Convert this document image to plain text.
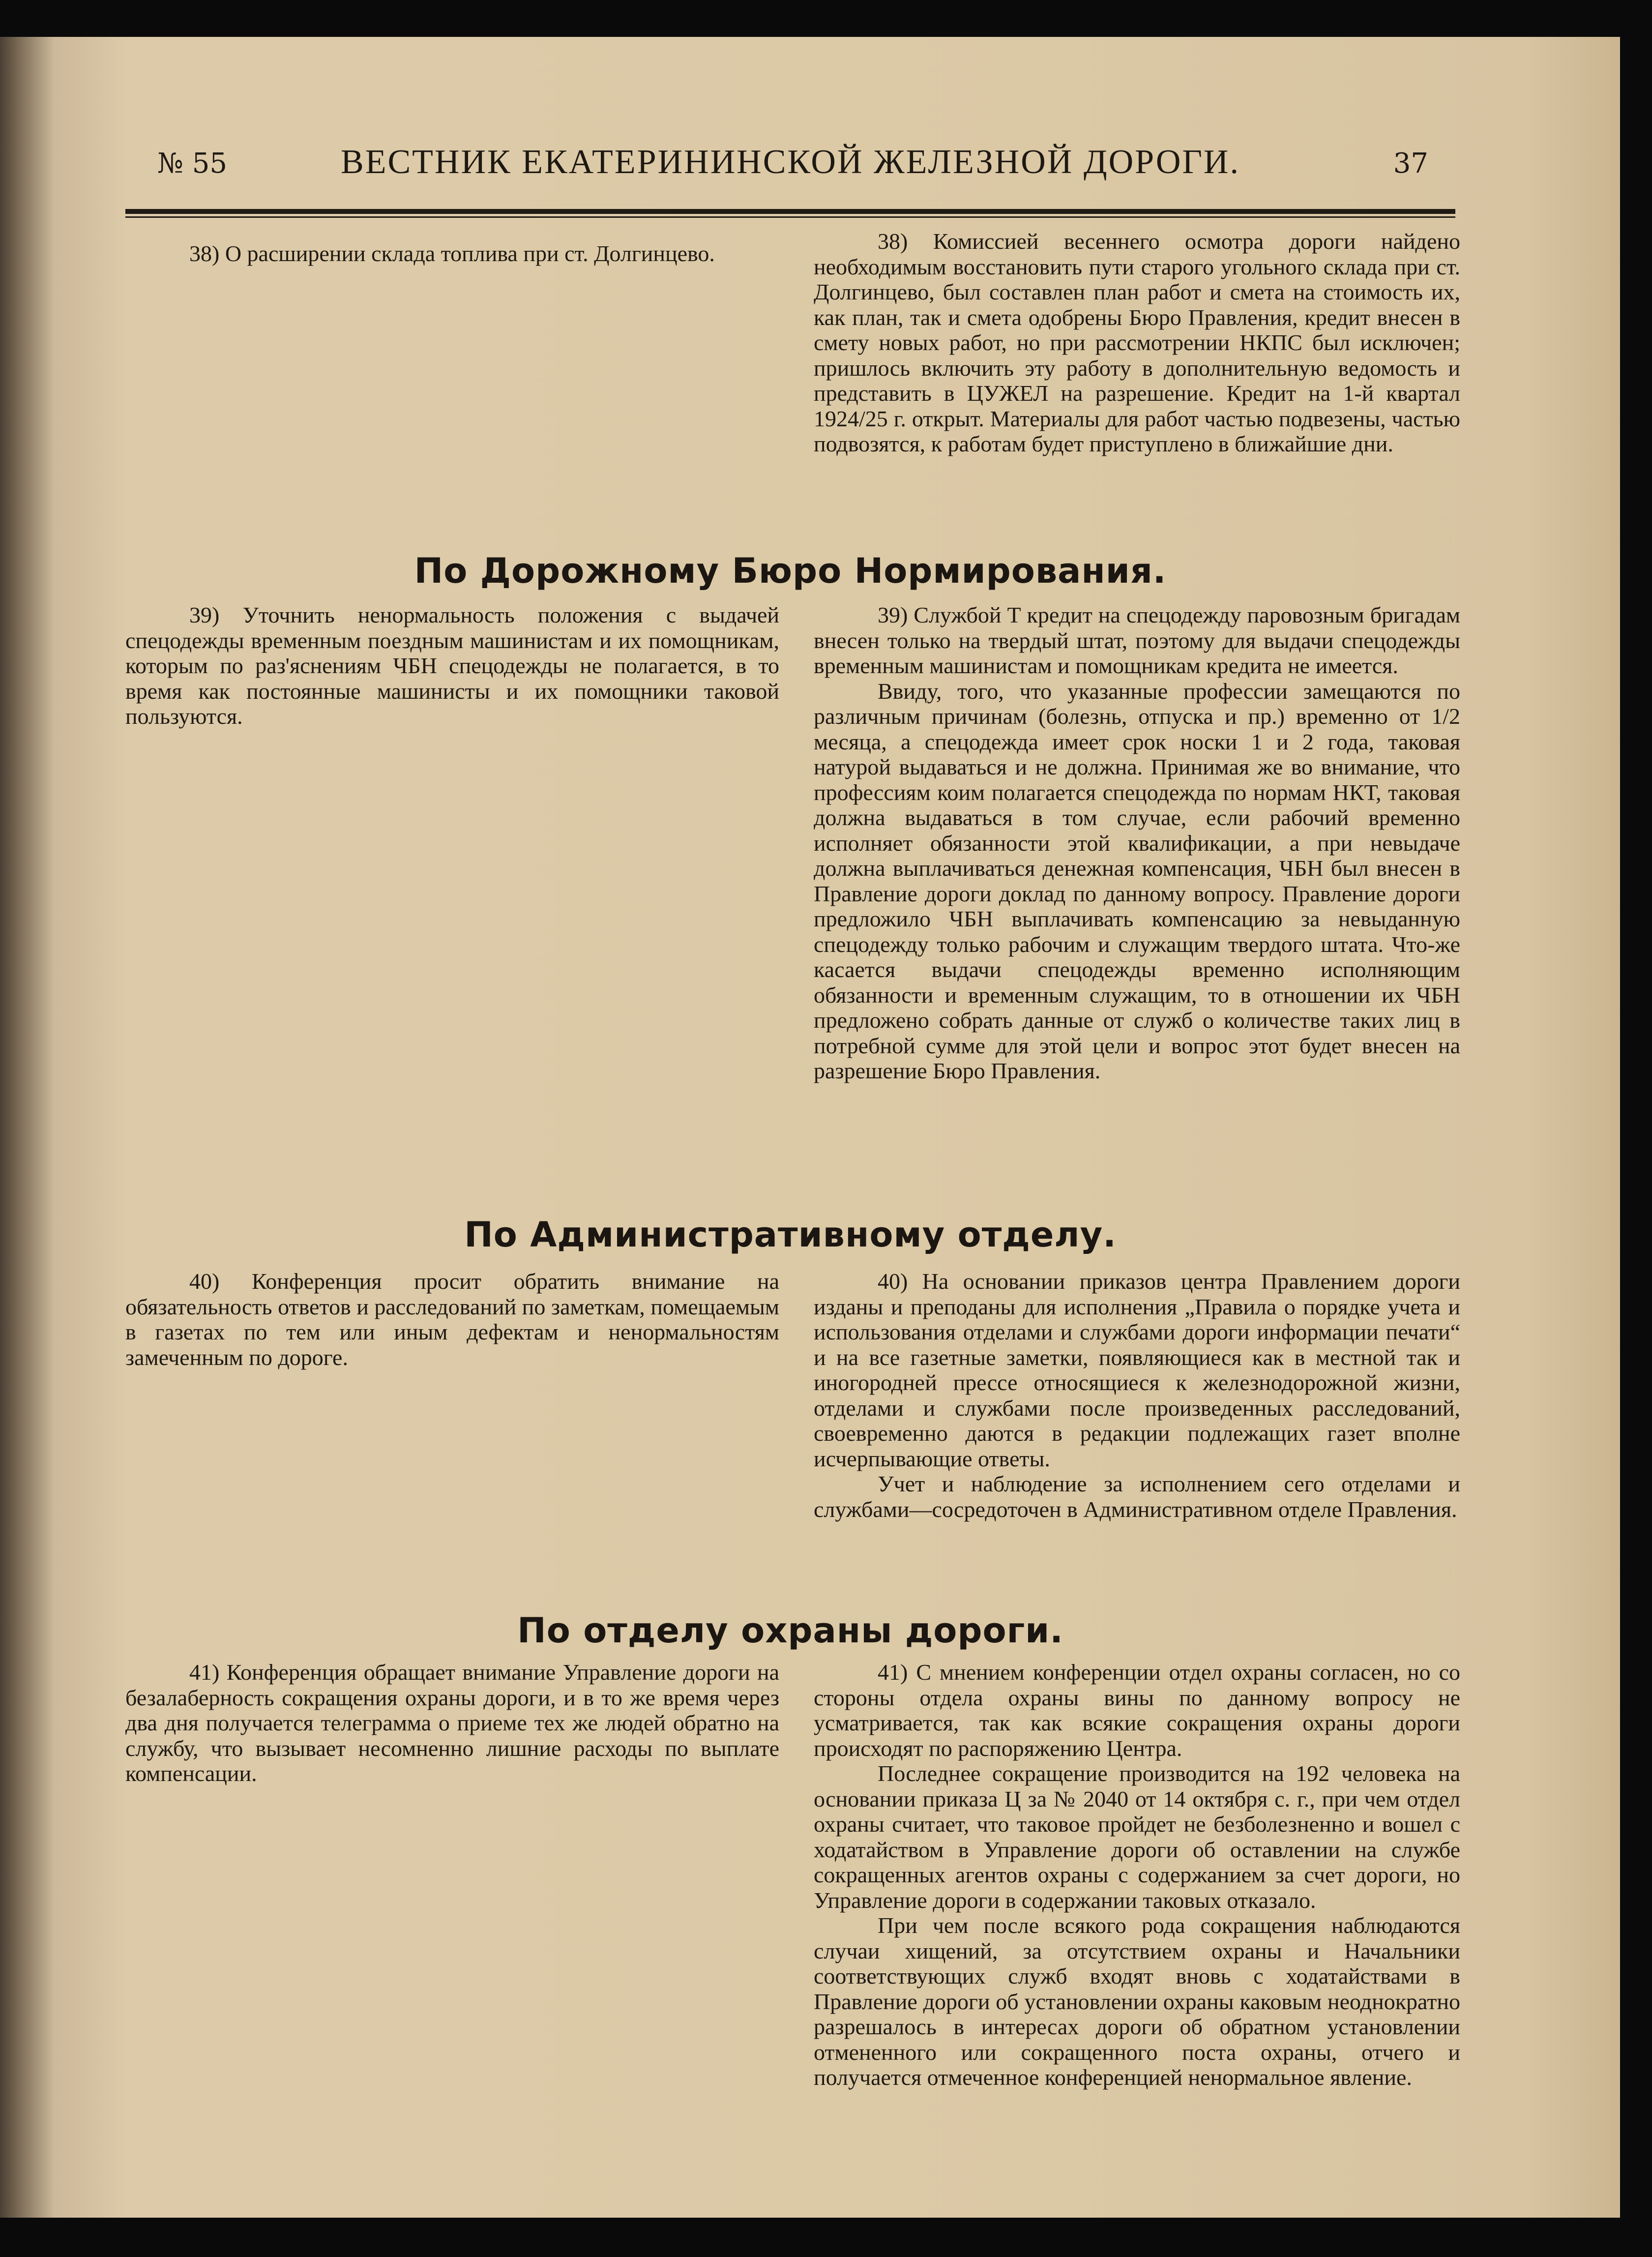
№ 55	ВЕСТНИК ЕКАТЕРИНИНСКОЙ ЖЕЛЕЗНОЙ ДОРОГИ.	37

38) О расширении склада топлива при ст. Долгинцево.	38) Комиссией весеннего осмотра дороги найдено необходимым восстановить пути старого угольного склада при ст. Долгинцево, был составлен план работ и смета на стоимость их, как план, так и смета одобрены Бюро Правления, кредит внесен в смету новых работ, но при рассмотрении НКПС был исключен; пришлось включить эту работу в дополнительную ведомость и представить в ЦУЖЕЛ на разрешение. Кредит на 1-й квартал 1924/25 г. открыт. Материалы для работ частью подвезены, частью подвозятся, к работам будет приступлено в ближайшие дни.

По Дорожному Бюро Нормирования.

39) Уточнить ненормальность положения с выдачей спецодежды временным поездным машинистам и их помощникам, которым по раз'яснениям ЧБН спецодежды не полагается, в то время как постоянные машинисты и их помощники таковой пользуются.

39) Службой Т кредит на спецодежду паровозным бригадам внесен только на твердый штат, поэтому для выдачи спецодежды временным машинистам и помощникам кредита не имеется.

Ввиду, того, что указанные профессии замещаются по различным причинам (болезнь, отпуска и пр.) временно от 1/2 месяца, а спецодежда имеет срок носки 1 и 2 года, таковая натурой выдаваться и не должна. Принимая же во внимание, что профессиям коим полагается спецодежда по нормам НКТ, таковая должна выдаваться в том случае, если рабочий временно исполняет обязанности этой квалификации, а при невыдаче должна выплачиваться денежная компенсация, ЧБН был внесен в Правление дороги доклад по данному вопросу. Правление дороги предложило ЧБН выплачивать компенсацию за невыданную спецодежду только рабочим и служащим твердого штата. Что-же касается выдачи спецодежды временно исполняющим обязанности и временным служащим, то в отношении их ЧБН предложено собрать данные от служб о количестве таких лиц в потребной сумме для этой цели и вопрос этот будет внесен на разрешение Бюро Правления.

По Административному отделу.

40) Конференция просит обратить внимание на обязательность ответов и расследований по заметкам, помещаемым в газетах по тем или иным дефектам и ненормальностям замеченным по дороге.

40) На основании приказов центра Правлением дороги изданы и преподаны для исполнения „Правила о порядке учета и использования отделами и службами дороги информации печати“ и на все газетные заметки, появляющиеся как в местной так и иногородней прессе относящиеся к железнодорожной жизни, отделами и службами после произведенных расследований, своевременно даются в редакции подлежащих газет вполне исчерпывающие ответы.

Учет и наблюдение за исполнением сего отделами и службами—сосредоточен в Административном отделе Правления.

По отделу охраны дороги.

41) Конференция обращает внимание Управление дороги на безалаберность сокращения охраны дороги, и в то же время через два дня получается телеграмма о приеме тех же людей обратно на службу, что вызывает несомненно лишние расходы по выплате компенсации.

41) С мнением конференции отдел охраны согласен, но со стороны отдела охраны вины по данному вопросу не усматривается, так как всякие сокращения охраны дороги происходят по распоряжению Центра.

Последнее сокращение производится на 192 человека на основании приказа Ц за № 2040 от 14 октября с. г., при чем отдел охраны считает, что таковое пройдет не безболезненно и вошел с ходатайством в Управление дороги об оставлении на службе сокращенных агентов охраны с содержанием за счет дороги, но Управление дороги в содержании таковых отказало.

При чем после всякого рода сокращения наблюдаются случаи хищений, за отсутствием охраны и Начальники соответствующих служб входят вновь с ходатайствами в Правление дороги об установлении охраны каковым неоднократно разрешалось в интересах дороги об обратном установлении отмененного или сокращенного поста охраны, отчего и получается отмеченное конференцией ненормальное явление.
